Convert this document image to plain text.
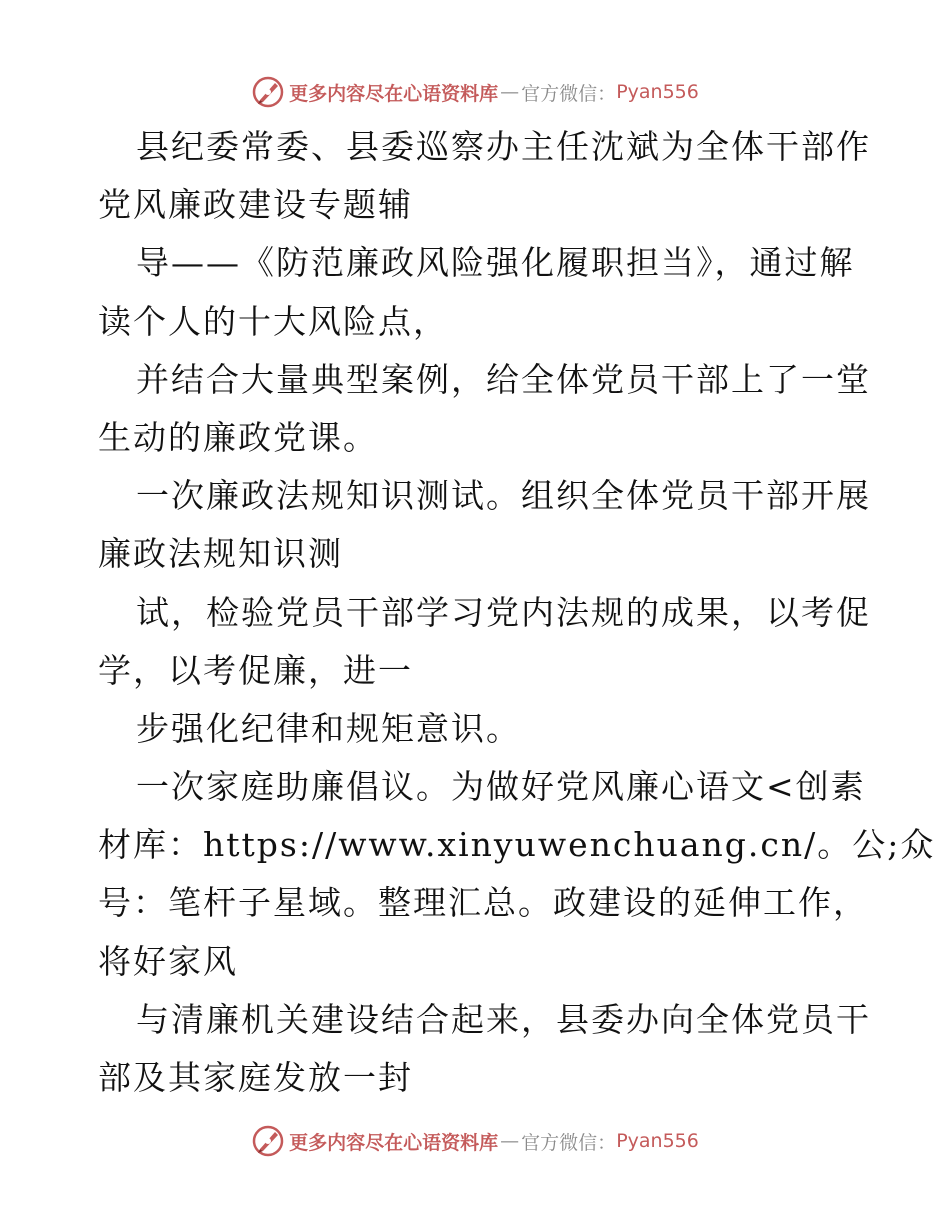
更多内容尽在心语资料库 — 官方微信： Pyan556
县纪委常委、县委巡察办主任沈斌为全体干部作
党风廉政建设专题辅
导——《防范廉政风险强化履职担当》，通过解
读个人的十大风险点，
并结合大量典型案例，给全体党员干部上了一堂
生动的廉政党课。
一次廉政法规知识测试。组织全体党员干部开展
廉政法规知识测
试，检验党员干部学习党内法规的成果，以考促
学，以考促廉，进一
步强化纪律和规矩意识。
一次家庭助廉倡议。为做好党风廉心语文<创素
材库：https://www.xinyuwenchuang.cn/。公;众
号：笔杆子星域。整理汇总。政建设的延伸工作，
将好家风
与清廉机关建设结合起来，县委办向全体党员干
部及其家庭发放一封
更多内容尽在心语资料库 — 官方微信： Pyan556
